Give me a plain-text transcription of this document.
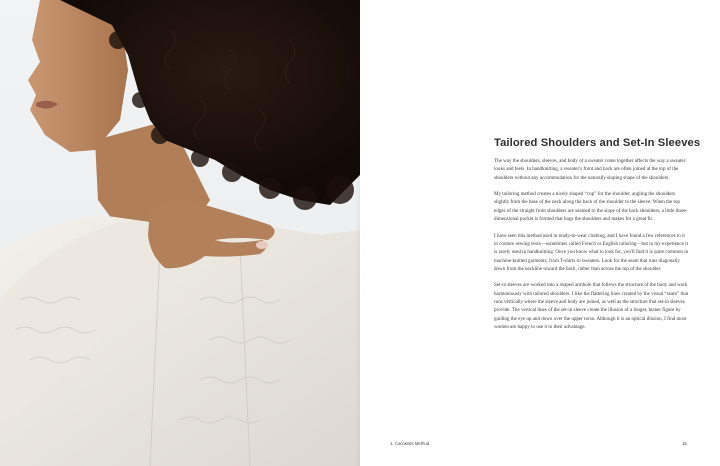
Tailored Shoulders and Set-In Sleeves

The way the shoulders, sleeves, and body of a sweater come together affects the way a sweater looks and feels. In handknitting, a sweater's front and back are often joined at the top of the shoulders without any accommodation for the naturally sloping shape of the shoulders.

My tailoring method creates a nicely shaped “cup” for the shoulder, angling the shoulders slightly from the base of the neck along the back of the shoulder to the sleeve. When the top edges of the straight front shoulders are seamed to the slope of the back shoulders, a little three-dimensional pocket is formed that hugs the shoulders and makes for a great fit.

I have seen this method used in ready-to-wear clothing, and I have found a few references to it in couture sewing texts—sometimes called French or English tailoring—but in my experience it is rarely used in handknitting. Once you know what to look for, you'll find it is quite common in machine-knitted garments, from T-shirts to sweaters. Look for the seam that runs diagonally down from the neckline toward the back, rather than across the top of the shoulder.

Set-in sleeves are worked into a shaped armhole that follows the structure of the body and work harmoniously with tailored shoulders. I like the flattering lines created by the visual “seam” that runs vertically where the sleeve and body are joined, as well as the structure that set-in sleeves provide. The vertical lines of the set-in sleeve create the illusion of a longer, leaner figure by guiding the eye up and down over the upper torso. Although it is an optical illusion, I find most women are happy to use it to their advantage.

1. Cocoknits Method	15
